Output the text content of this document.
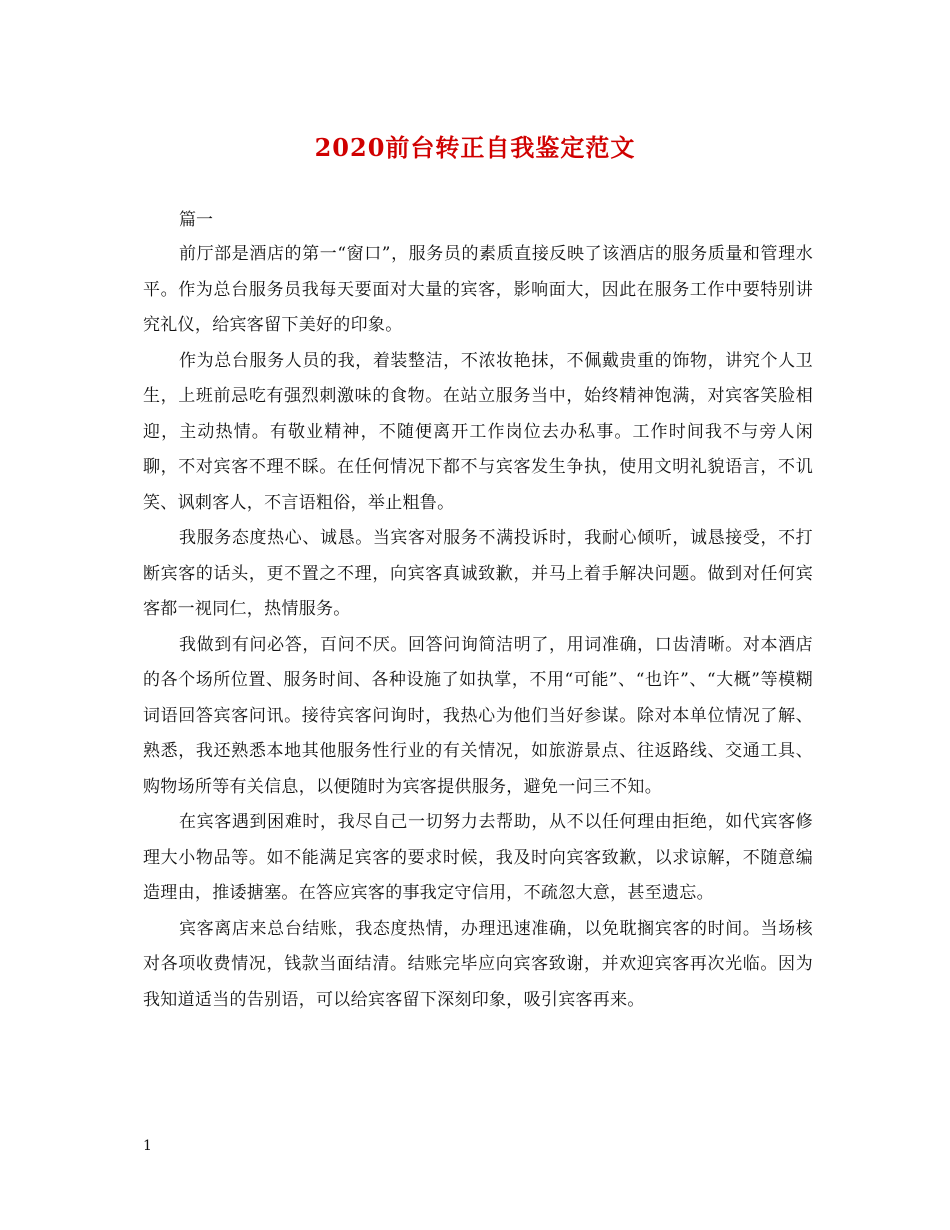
2020前台转正自我鉴定范文

篇一

前厅部是酒店的第一“窗口”，服务员的素质直接反映了该酒店的服务质量和管理水平。作为总台服务员我每天要面对大量的宾客，影响面大，因此在服务工作中要特别讲究礼仪，给宾客留下美好的印象。

作为总台服务人员的我，着装整洁，不浓妆艳抹，不佩戴贵重的饰物，讲究个人卫生，上班前忌吃有强烈刺激味的食物。在站立服务当中，始终精神饱满，对宾客笑脸相迎，主动热情。有敬业精神，不随便离开工作岗位去办私事。工作时间我不与旁人闲聊，不对宾客不理不睬。在任何情况下都不与宾客发生争执，使用文明礼貌语言，不讥笑、讽刺客人，不言语粗俗，举止粗鲁。

我服务态度热心、诚恳。当宾客对服务不满投诉时，我耐心倾听，诚恳接受，不打断宾客的话头，更不置之不理，向宾客真诚致歉，并马上着手解决问题。做到对任何宾客都一视同仁，热情服务。

我做到有问必答，百问不厌。回答问询简洁明了，用词准确，口齿清晰。对本酒店的各个场所位置、服务时间、各种设施了如执掌，不用“可能”、“也许”、“大概”等模糊词语回答宾客问讯。接待宾客问询时，我热心为他们当好参谋。除对本单位情况了解、熟悉，我还熟悉本地其他服务性行业的有关情况，如旅游景点、往返路线、交通工具、购物场所等有关信息，以便随时为宾客提供服务，避免一问三不知。

在宾客遇到困难时，我尽自己一切努力去帮助，从不以任何理由拒绝，如代宾客修理大小物品等。如不能满足宾客的要求时候，我及时向宾客致歉，以求谅解，不随意编造理由，推诿搪塞。在答应宾客的事我定守信用，不疏忽大意，甚至遗忘。

宾客离店来总台结账，我态度热情，办理迅速准确，以免耽搁宾客的时间。当场核对各项收费情况，钱款当面结清。结账完毕应向宾客致谢，并欢迎宾客再次光临。因为我知道适当的告别语，可以给宾客留下深刻印象，吸引宾客再来。

1
